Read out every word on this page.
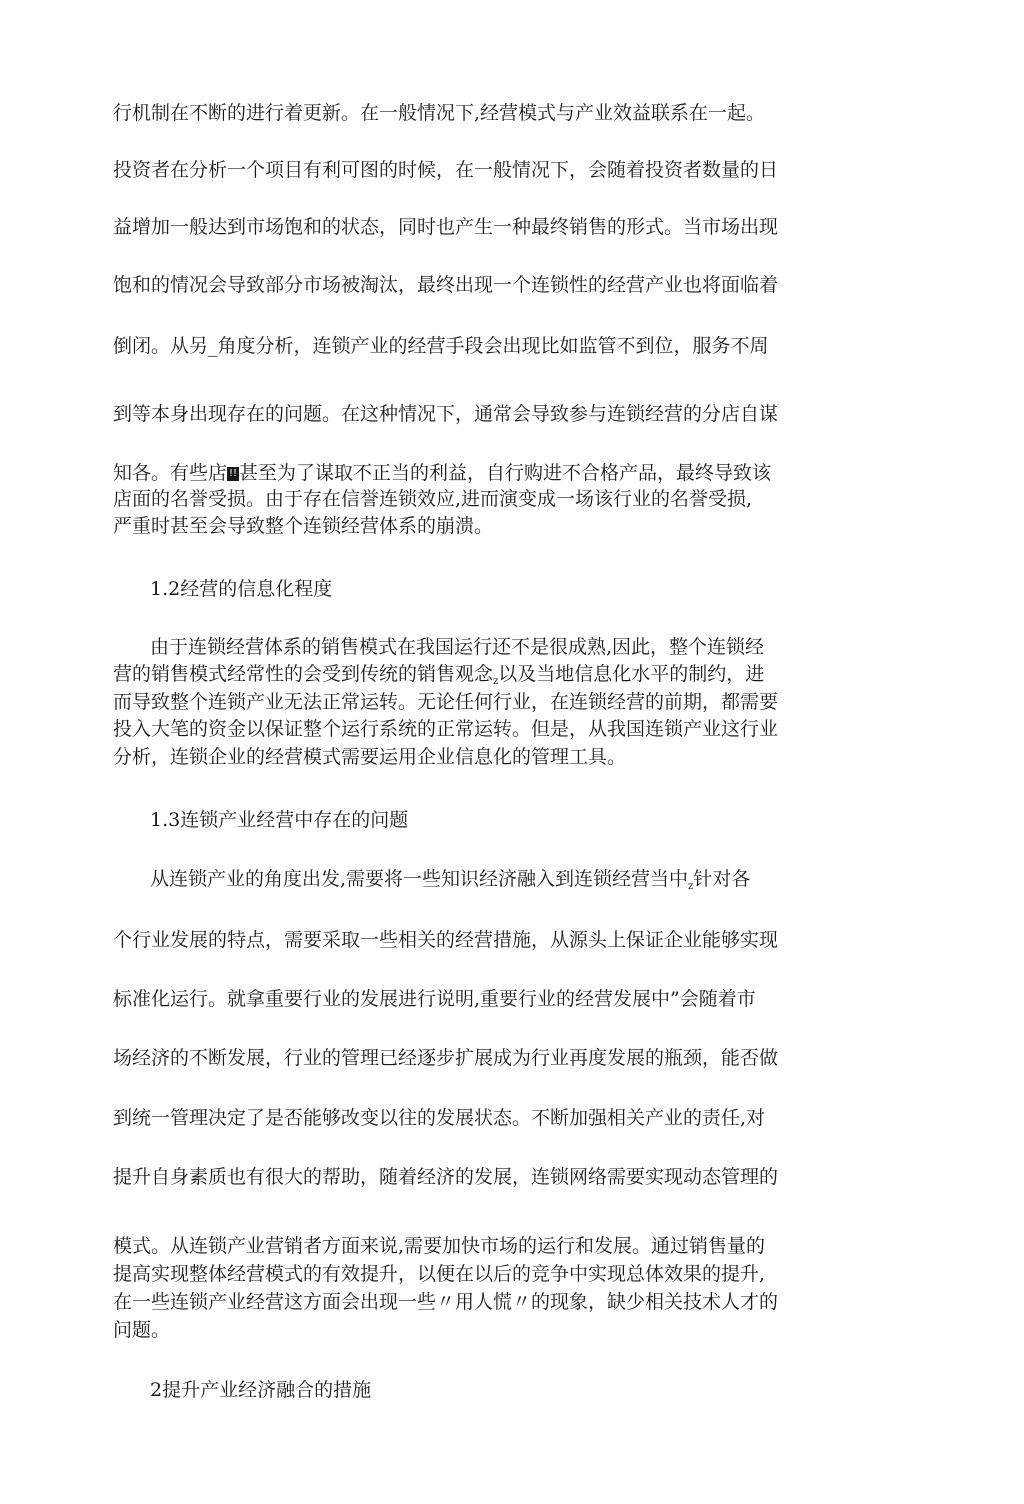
行机制在不断的进行着更新。在一般情况下,经营模式与产业效益联系在一起。
投资者在分析一个项目有利可图的时候，在一般情况下，会随着投资者数量的日
益增加一般达到市场饱和的状态，同时也产生一种最终销售的形式。当市场出现
饱和的情况会导致部分市场被淘汰，最终出现一个连锁性的经营产业也将面临着
倒闭。从另_角度分析，连锁产业的经营手段会出现比如监管不到位，服务不周
到等本身出现存在的问题。在这种情况下，通常会导致参与连锁经营的分店自谋
知各。有些店 !! 甚至为了谋取不正当的利益，自行购进不合格产品，最终导致该
店面的名誉受损。由于存在信誉连锁效应,进而演变成一场该行业的名誉受损,
严重时甚至会导致整个连锁经营体系的崩溃。
1.2经营的信息化程度
由于连锁经营体系的销售模式在我国运行还不是很成熟,因此，整个连锁经
营的销售模式经常性的会受到传统的销售观念$_z$以及当地信息化水平的制约，进
而导致整个连锁产业无法正常运转。无论任何行业，在连锁经营的前期，都需要
投入大笔的资金以保证整个运行系统的正常运转。但是，从我国连锁产业这行业
分析，连锁企业的经营模式需要运用企业信息化的管理工具。
1.3连锁产业经营中存在的问题
从连锁产业的角度出发,需要将一些知识经济融入到连锁经营当中$_z$针对各
个行业发展的特点，需要采取一些相关的经营措施，从源头上保证企业能够实现
标准化运行。就拿重要行业的发展进行说明,重要行业的经营发展中”会随着市
场经济的不断发展，行业的管理已经逐步扩展成为行业再度发展的瓶颈，能否做
到统一管理决定了是否能够改变以往的发展状态。不断加强相关产业的责任,对
提升自身素质也有很大的帮助，随着经济的发展，连锁网络需要实现动态管理的
模式。从连锁产业营销者方面来说,需要加快市场的运行和发展。通过销售量的
提高实现整体经营模式的有效提升，以便在以后的竞争中实现总体效果的提升,
在一些连锁产业经营这方面会出现一些〃用人慌〃的现象，缺少相关技术人才的
问题。
2提升产业经济融合的措施
